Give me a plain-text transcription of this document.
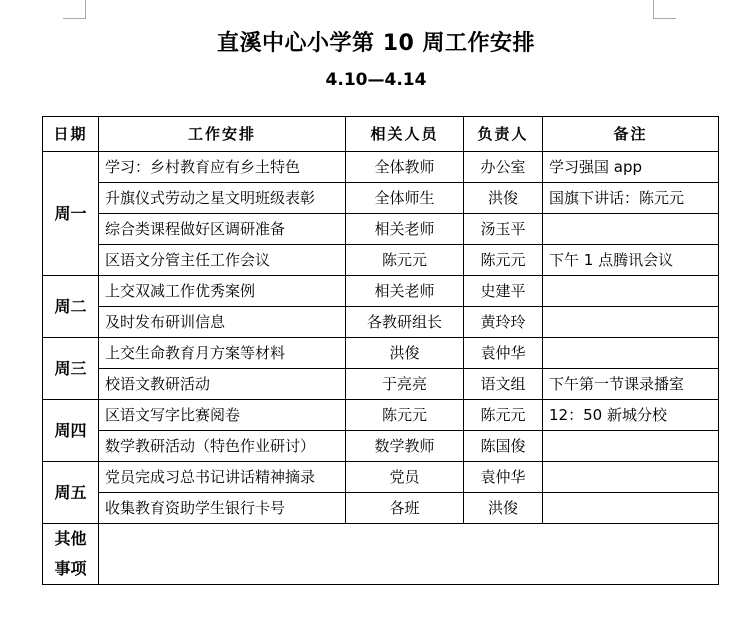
直溪中心小学第 10 周工作安排
4.10—4.14
日期	工作安排	相关人员	负责人	备注
周一	学习：乡村教育应有乡土特色	全体教师	办公室	学习强国 app
	升旗仪式劳动之星文明班级表彰	全体师生	洪俊	国旗下讲话：陈元元
	综合类课程做好区调研准备	相关老师	汤玉平	
	区语文分管主任工作会议	陈元元	陈元元	下午 1 点腾讯会议
周二	上交双减工作优秀案例	相关老师	史建平	
	及时发布研训信息	各教研组长	黄玲玲	
周三	上交生命教育月方案等材料	洪俊	袁仲华	
	校语文教研活动	于亮亮	语文组	下午第一节课录播室
周四	区语文写字比赛阅卷	陈元元	陈元元	12：50 新城分校
	数学教研活动（特色作业研讨）	数学教师	陈国俊	
周五	党员完成习总书记讲话精神摘录	党员	袁仲华	
	收集教育资助学生银行卡号	各班	洪俊	
其他
事项				
